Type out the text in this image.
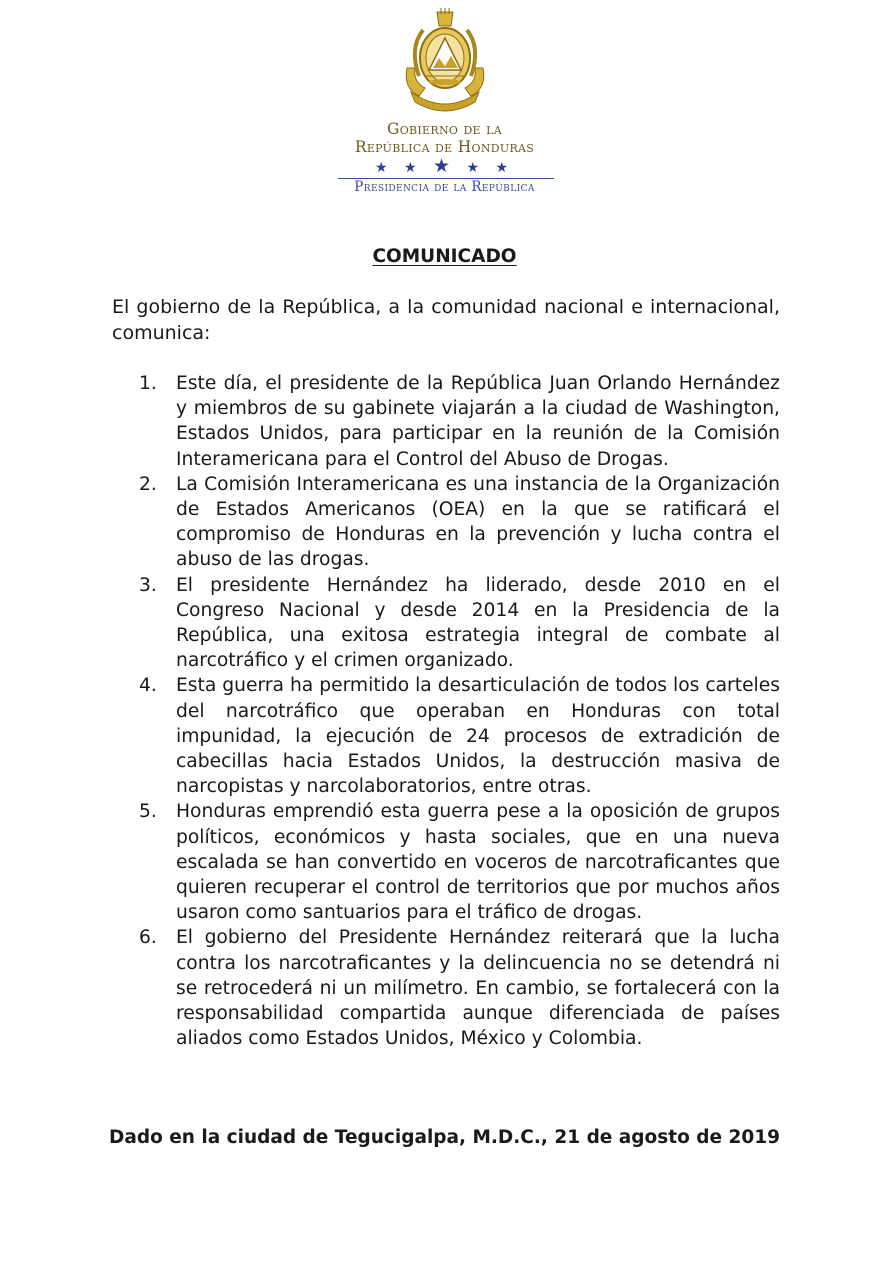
Gobierno de la
República de Honduras
★ ★ ★ ★ ★
Presidencia de la República
COMUNICADO

El gobierno de la República, a la comunidad nacional e internacional, comunica:

1. Este día, el presidente de la República Juan Orlando Hernández y miembros de su gabinete viajarán a la ciudad de Washington, Estados Unidos, para participar en la reunión de la Comisión Interamericana para el Control del Abuso de Drogas.
2. La Comisión Interamericana es una instancia de la Organización de Estados Americanos (OEA) en la que se ratificará el compromiso de Honduras en la prevención y lucha contra el abuso de las drogas.
3. El presidente Hernández ha liderado, desde 2010 en el Congreso Nacional y desde 2014 en la Presidencia de la República, una exitosa estrategia integral de combate al narcotráfico y el crimen organizado.
4. Esta guerra ha permitido la desarticulación de todos los carteles del narcotráfico que operaban en Honduras con total impunidad, la ejecución de 24 procesos de extradición de cabecillas hacia Estados Unidos, la destrucción masiva de narcopistas y narcolaboratorios, entre otras.
5. Honduras emprendió esta guerra pese a la oposición de grupos políticos, económicos y hasta sociales, que en una nueva escalada se han convertido en voceros de narcotraficantes que quieren recuperar el control de territorios que por muchos años usaron como santuarios para el tráfico de drogas.
6. El gobierno del Presidente Hernández reiterará que la lucha contra los narcotraficantes y la delincuencia no se detendrá ni se retrocederá ni un milímetro. En cambio, se fortalecerá con la responsabilidad compartida aunque diferenciada de países aliados como Estados Unidos, México y Colombia.
Dado en la ciudad de Tegucigalpa, M.D.C., 21 de agosto de 2019
